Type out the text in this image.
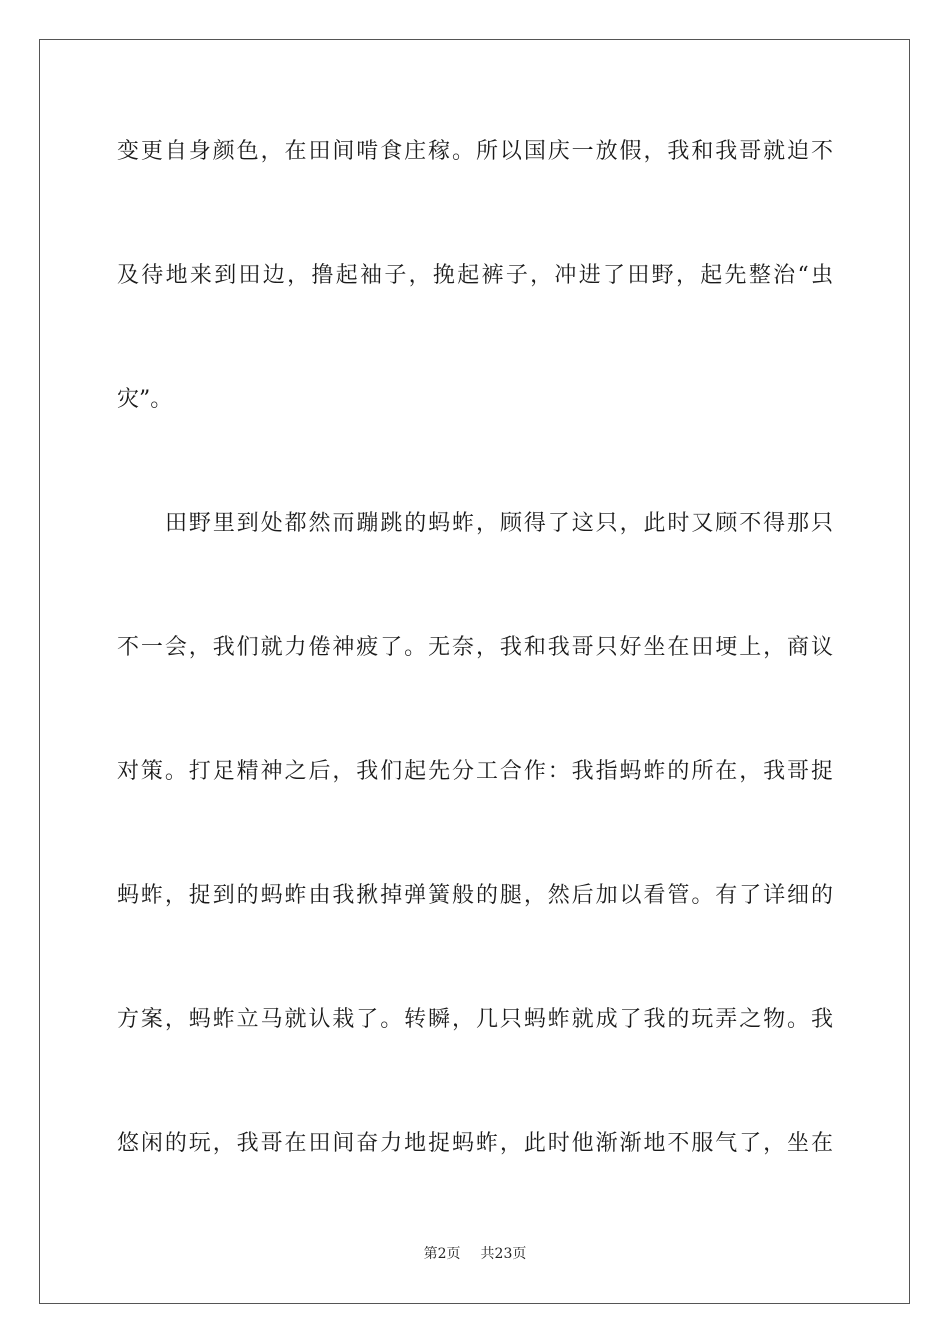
变更自身颜色，在田间啃食庄稼。所以国庆一放假，我和我哥就迫不
及待地来到田边，撸起袖子，挽起裤子，冲进了田野，起先整治“虫
灾”。
田野里到处都然而蹦跳的蚂蚱，顾得了这只，此时又顾不得那只
不一会，我们就力倦神疲了。无奈，我和我哥只好坐在田埂上，商议
对策。打足精神之后，我们起先分工合作：我指蚂蚱的所在，我哥捉
蚂蚱，捉到的蚂蚱由我揪掉弹簧般的腿，然后加以看管。有了详细的
方案，蚂蚱立马就认栽了。转瞬，几只蚂蚱就成了我的玩弄之物。我
悠闲的玩，我哥在田间奋力地捉蚂蚱，此时他渐渐地不服气了，坐在
第2页 共23页
